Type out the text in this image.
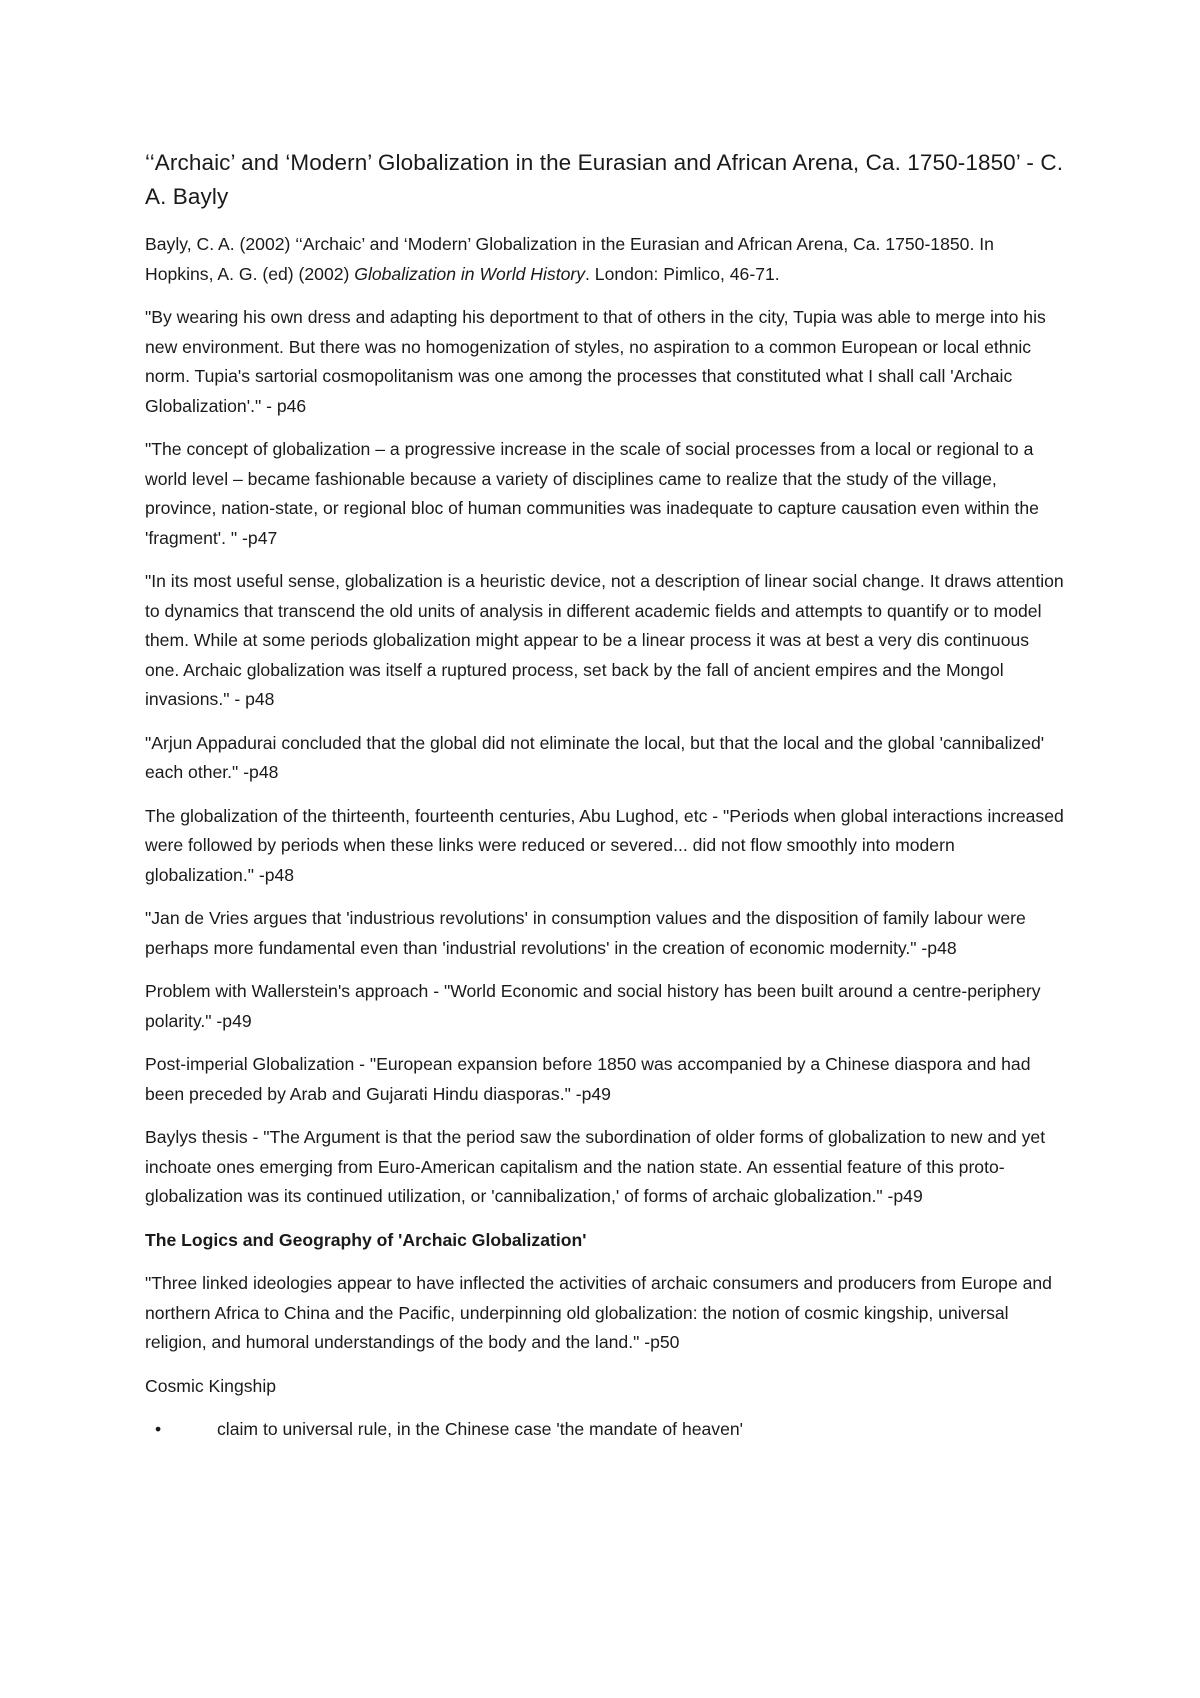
‘‘Archaic’ and ‘Modern’ Globalization in the Eurasian and African Arena, Ca. 1750-1850’ - C. A. Bayly

Bayly, C. A. (2002) ‘‘Archaic’ and ‘Modern’ Globalization in the Eurasian and African Arena, Ca. 1750-1850. In Hopkins, A. G. (ed) (2002) Globalization in World History. London: Pimlico, 46-71.

"By wearing his own dress and adapting his deportment to that of others in the city, Tupia was able to merge into his new environment. But there was no homogenization of styles, no aspiration to a common European or local ethnic norm. Tupia's sartorial cosmopolitanism was one among the processes that constituted what I shall call 'Archaic Globalization'." - p46

"The concept of globalization – a progressive increase in the scale of social processes from a local or regional to a world level – became fashionable because a variety of disciplines came to realize that the study of the village, province, nation-state, or regional bloc of human communities was inadequate to capture causation even within the 'fragment'. " -p47

"In its most useful sense, globalization is a heuristic device, not a description of linear social change. It draws attention to dynamics that transcend the old units of analysis in different academic fields and attempts to quantify or to model them. While at some periods globalization might appear to be a linear process it was at best a very dis continuous one. Archaic globalization was itself a ruptured process, set back by the fall of ancient empires and the Mongol invasions." - p48

"Arjun Appadurai concluded that the global did not eliminate the local, but that the local and the global 'cannibalized' each other." -p48

The globalization of the thirteenth, fourteenth centuries, Abu Lughod, etc - "Periods when global interactions increased were followed by periods when these links were reduced or severed... did not flow smoothly into modern globalization." -p48

"Jan de Vries argues that 'industrious revolutions' in consumption values and the disposition of family labour were perhaps more fundamental even than 'industrial revolutions' in the creation of economic modernity." -p48

Problem with Wallerstein's approach - "World Economic and social history has been built around a centre-periphery polarity." -p49

Post-imperial Globalization - "European expansion before 1850 was accompanied by a Chinese diaspora and had been preceded by Arab and Gujarati Hindu diasporas." -p49

Baylys thesis - "The Argument is that the period saw the subordination of older forms of globalization to new and yet inchoate ones emerging from Euro-American capitalism and the nation state. An essential feature of this proto-globalization was its continued utilization, or 'cannibalization,' of forms of archaic globalization." -p49

The Logics and Geography of 'Archaic Globalization'

"Three linked ideologies appear to have inflected the activities of archaic consumers and producers from Europe and northern Africa to China and the Pacific, underpinning old globalization: the notion of cosmic kingship, universal religion, and humoral understandings of the body and the land." -p50

Cosmic Kingship

•	claim to universal rule, in the Chinese case 'the mandate of heaven'
